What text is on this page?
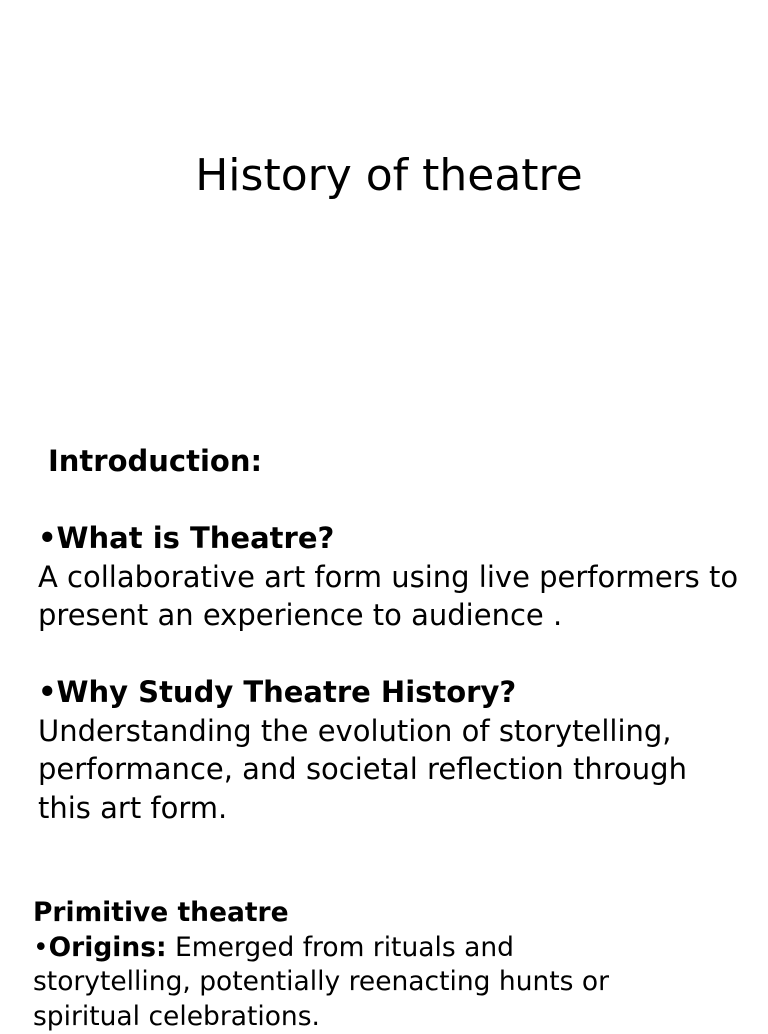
History of theatre

Introduction:

•What is Theatre?

A collaborative art form using live performers to present an experience to audience .

•Why Study Theatre History?

Understanding the evolution of storytelling, performance, and societal reflection through this art form.

Primitive theatre

•Origins: Emerged from rituals and storytelling, potentially reenacting hunts or spiritual celebrations.
